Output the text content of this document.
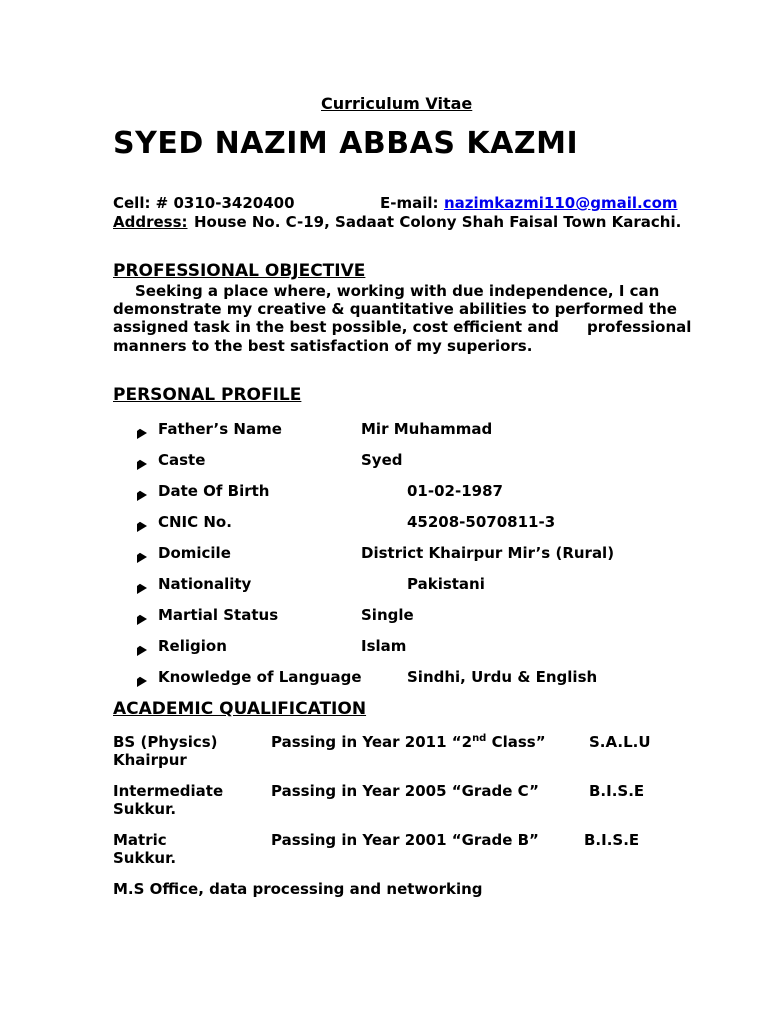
Curriculum Vitae
SYED NAZIM ABBAS KAZMI
Cell: # 0310-3420400	E-mail: nazimkazmi110@gmail.com
Address: House No. C-19, Sadaat Colony Shah Faisal Town Karachi.
PROFESSIONAL OBJECTIVE
Seeking a place where, working with due independence, I can
demonstrate my creative & quantitative abilities to performed the
assigned task in the best possible, cost efficient and professional
manners to the best satisfaction of my superiors.
PERSONAL PROFILE
Father’s Name	Mir Muhammad
Caste	Syed
Date Of Birth	01-02-1987
CNIC No.	45208-5070811-3
Domicile	District Khairpur Mir’s (Rural)
Nationality	Pakistani
Martial Status	Single
Religion	Islam
Knowledge of Language	Sindhi, Urdu & English
ACADEMIC QUALIFICATION
BS (Physics)	Passing in Year 2011 “2nd Class”	S.A.L.U
Khairpur
Intermediate	Passing in Year 2005 “Grade C”	B.I.S.E
Sukkur.
Matric	Passing in Year 2001 “Grade B”	B.I.S.E
Sukkur.
M.S Office, data processing and networking
